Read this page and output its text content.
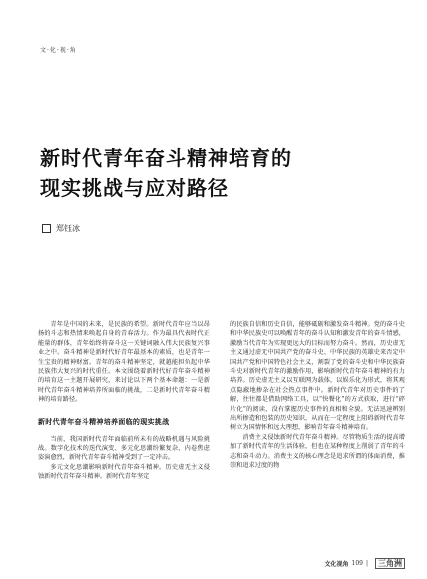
文·化·视·角
新时代青年奋斗精神培育的
现实挑战与应对路径
郑钰冰

青年是中国的未来，是民族的希望。新时代青年应当以昂扬的斗志和热情来唤起自身的青春活力。作为最具代表时代正能量的群体，青年始终将奋斗这一关键词融入伟大民族复兴事业之中。奋斗精神是新时代好青年最基本的素质，也是青年一生宝贵的精神财富。青年的奋斗精神坚定，就越能担负起中华民族伟大复兴的时代重任。本文围绕着新时代好青年奋斗精神的培育这一主题开展研究，来讨论以下两个基本命题：一是新时代青年奋斗精神培养所面临的挑战，二是新时代青年奋斗精神的培育路径。

新时代青年奋斗精神培养面临的现实挑战

当前，我国新时代青年面临前所未有的战略机遇与风险挑战。数字化技术的迭代演变、多元化思潮纷繁复杂，内卷焦虑姿演愈烈，新时代青年奋斗精神受到了一定冲击。

多元文化思潮影响新时代青年奋斗精神。历史虚无主义侵蚀新时代青年奋斗精神。新时代青年坚定

的民族自信和历史自信，能够砥砺和激发奋斗精神。党的奋斗史和中华民族史可以唤醒青年的奋斗认知和激发青年的奋斗情感，激励当代青年为实现更远大的目标而努力奋斗。然而，历史虚无主义通过虚无中国共产党的奋斗史、中华民族的英雄史来否定中国共产党和中国特色社会主义，割裂了党的奋斗史和中华民族奋斗史对新时代青年的激励作用，影响新时代青年奋斗精神的有力培养。历史虚无主义以互联网为载体，以娱乐化为形式，将其观点隐蔽地掺杂在社会热点事件中。新时代青年对历史事件的了解，往往都是借助网络工具，以“快餐化”的方式获取，进行“碎片化”的阅读，没有掌握历史事件的真相和全貌。无法迅速辨别出所掺造和包装的历史知识，从而在一定程度上阻碍新时代青年树立为国情怀和远大理想，影响青年奋斗精神培育。

消费主义侵蚀新时代青年奋斗精神。尽管物质生活的提高增加了新时代青年的生活体验，但也在某种程度上削弱了青年的斗志和奋斗动力。消费主义的核心理念是追求所谓的体面消费，推崇和追求过度的物

文化视角 109 |	三角洲
